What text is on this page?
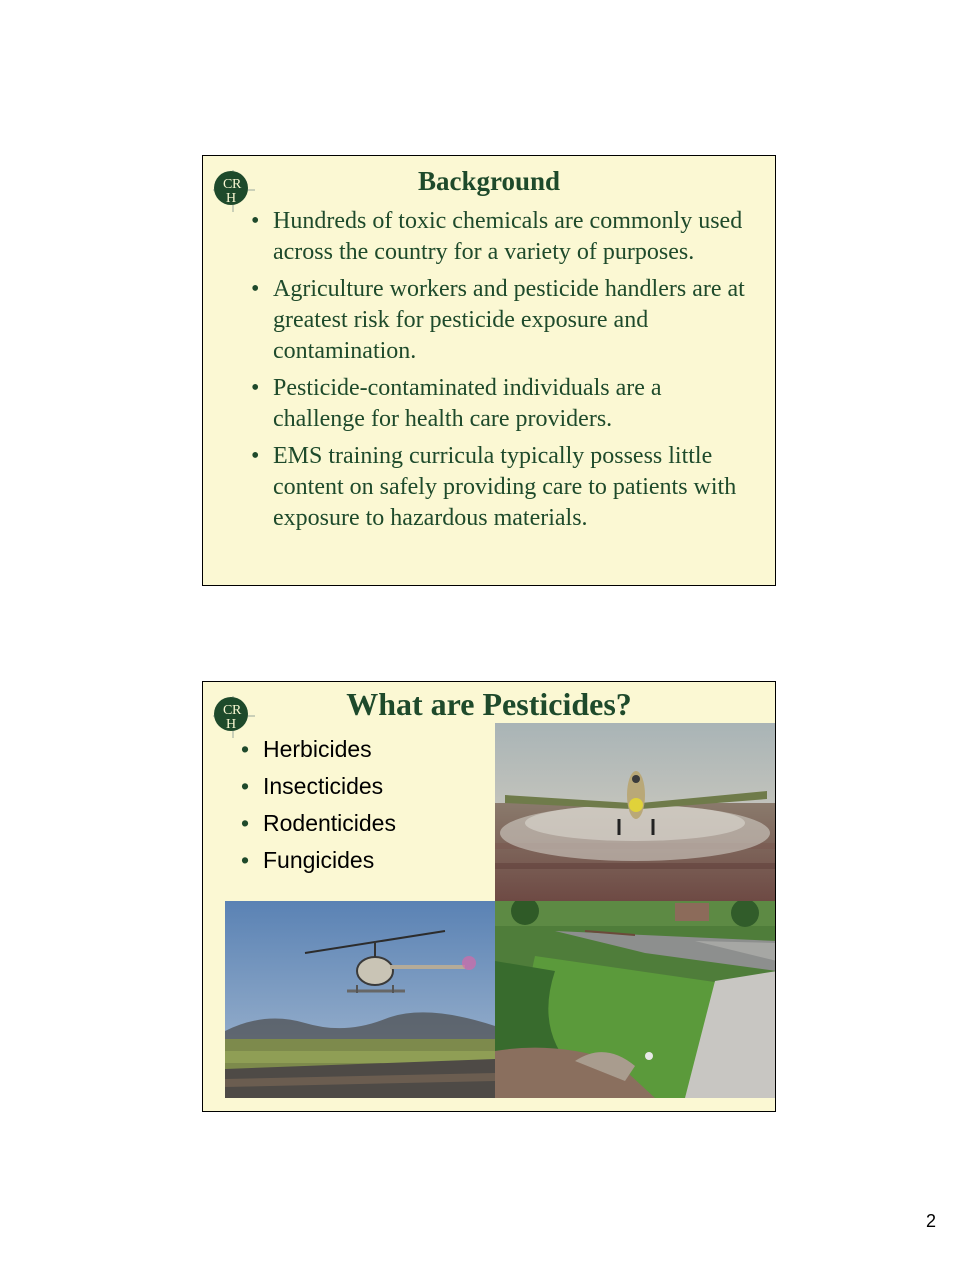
C R
H
Background
• Hundreds of toxic chemicals are commonly used across the country for a variety of purposes.
• Agriculture workers and pesticide handlers are at greatest risk for pesticide exposure and contamination.
• Pesticide-contaminated individuals are a challenge for health care providers.
• EMS training curricula typically possess little content on safely providing care to patients with exposure to hazardous materials.
C R
H
What are Pesticides?
• Herbicides
• Insecticides
• Rodenticides
• Fungicides
2
